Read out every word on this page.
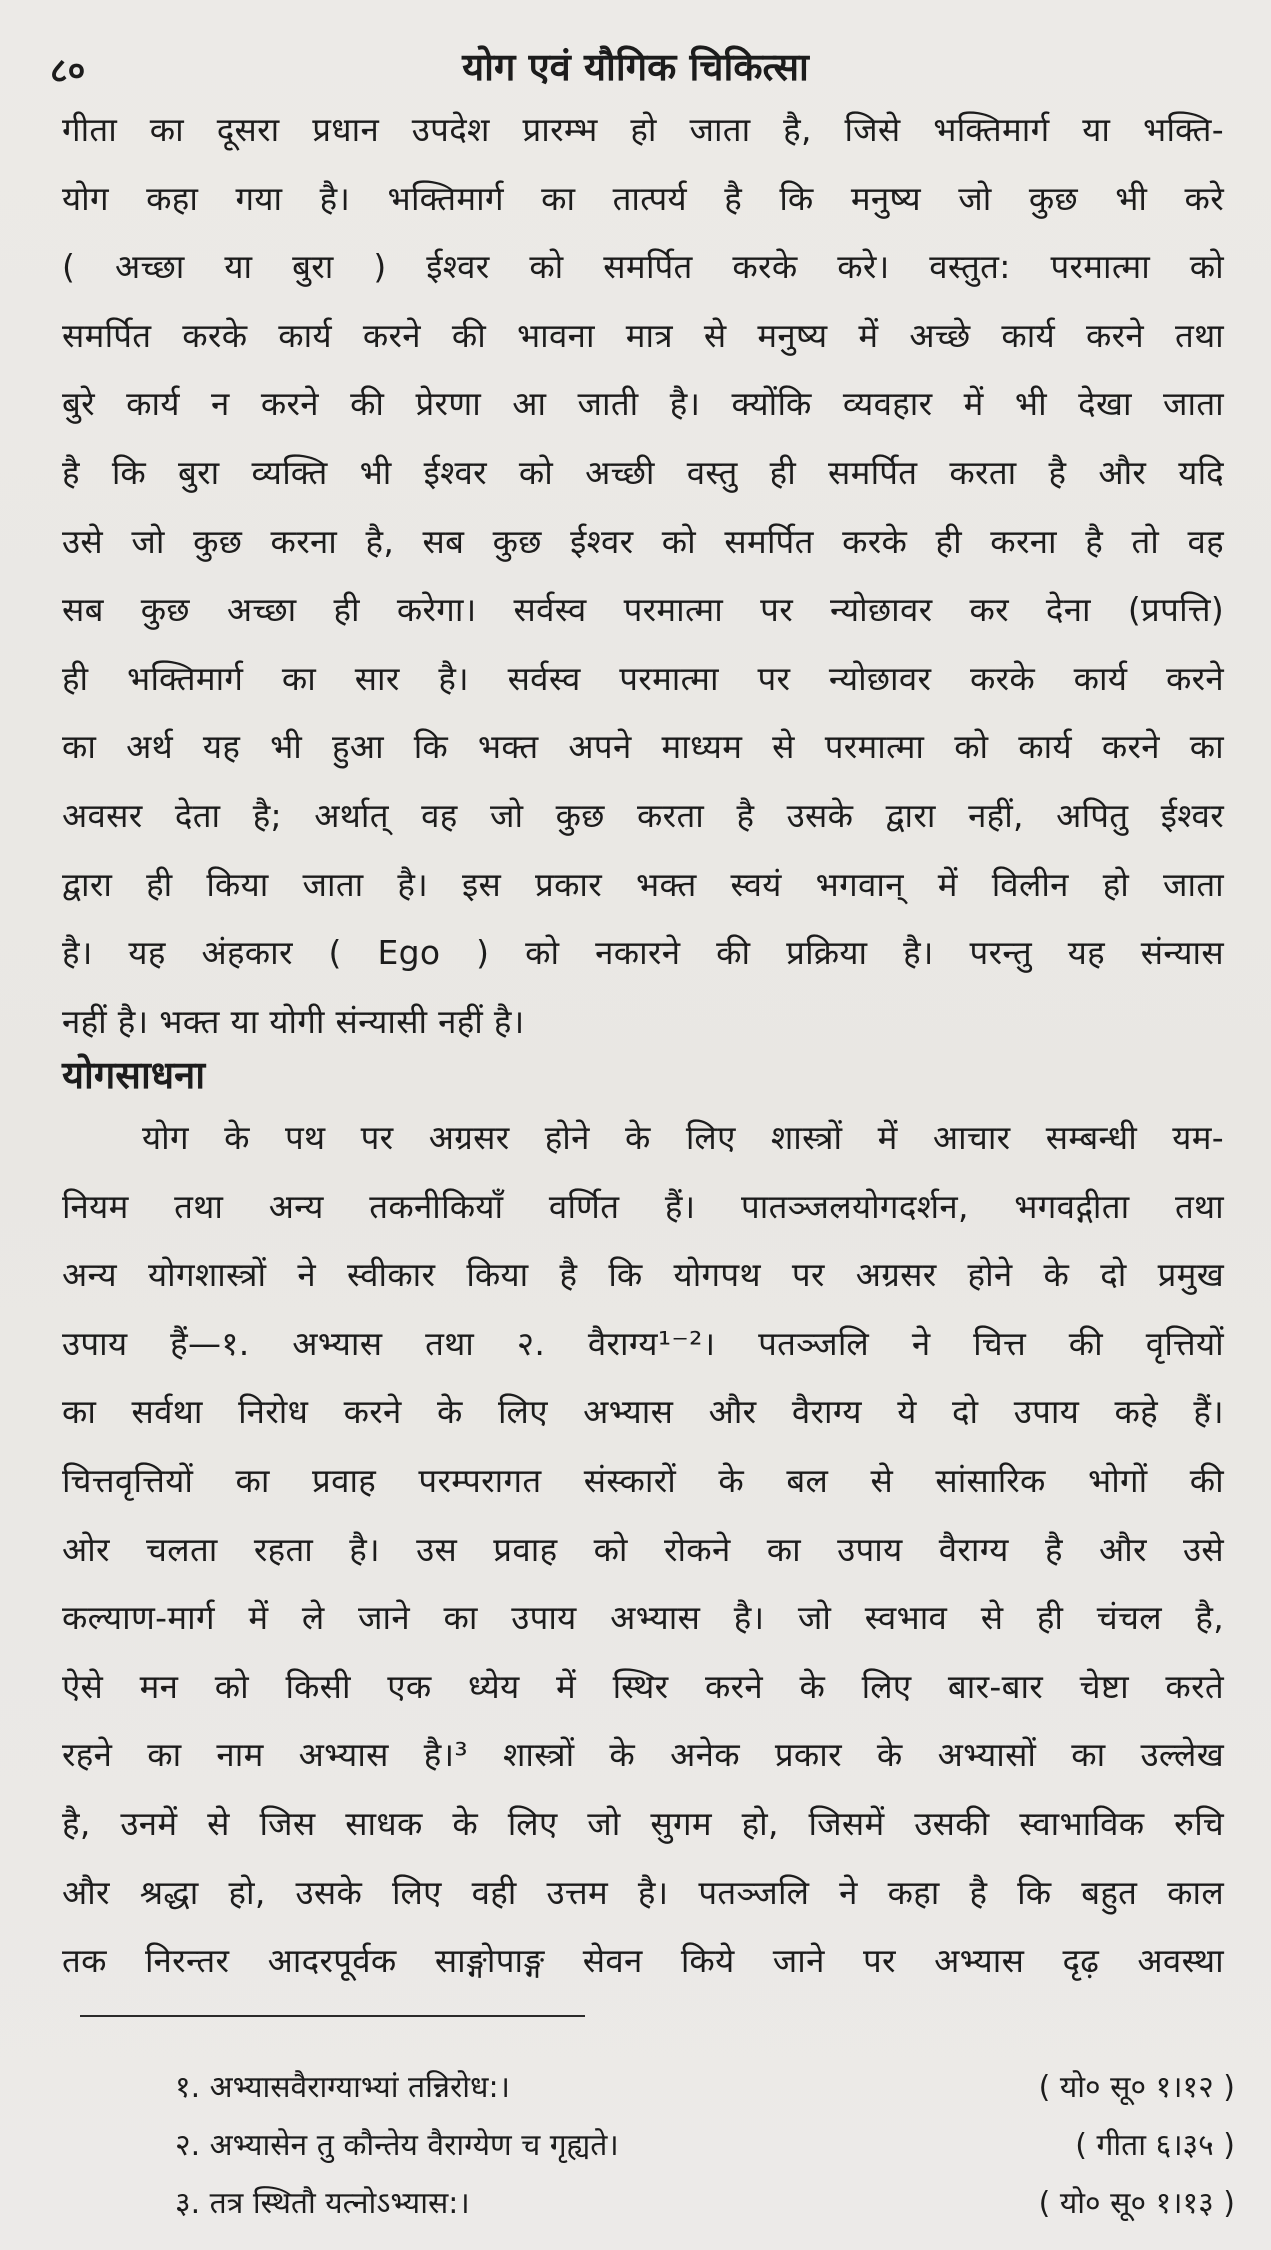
८०	योग एवं यौगिक चिकित्सा
गीता का दूसरा प्रधान उपदेश प्रारम्भ हो जाता है, जिसे भक्तिमार्ग या भक्ति-
योग कहा गया है। भक्तिमार्ग का तात्पर्य है कि मनुष्य जो कुछ भी करे
( अच्छा या बुरा ) ईश्वर को समर्पित करके करे। वस्तुत: परमात्मा को
समर्पित करके कार्य करने की भावना मात्र से मनुष्य में अच्छे कार्य करने तथा
बुरे कार्य न करने की प्रेरणा आ जाती है। क्योंकि व्यवहार में भी देखा जाता
है कि बुरा व्यक्ति भी ईश्वर को अच्छी वस्तु ही समर्पित करता है और यदि
उसे जो कुछ करना है, सब कुछ ईश्वर को समर्पित करके ही करना है तो वह
सब कुछ अच्छा ही करेगा। सर्वस्व परमात्मा पर न्योछावर कर देना (प्रपत्ति)
ही भक्तिमार्ग का सार है। सर्वस्व परमात्मा पर न्योछावर करके कार्य करने
का अर्थ यह भी हुआ कि भक्त अपने माध्यम से परमात्मा को कार्य करने का
अवसर देता है; अर्थात् वह जो कुछ करता है उसके द्वारा नहीं, अपितु ईश्वर
द्वारा ही किया जाता है। इस प्रकार भक्त स्वयं भगवान् में विलीन हो जाता
है। यह अंहकार ( Ego ) को नकारने की प्रक्रिया है। परन्तु यह संन्यास
नहीं है। भक्त या योगी संन्यासी नहीं है।
योगसाधना
योग के पथ पर अग्रसर होने के लिए शास्त्रों में आचार सम्बन्धी यम-
नियम तथा अन्य तकनीकियाँ वर्णित हैं। पातञ्जलयोगदर्शन, भगवद्गीता तथा
अन्य योगशास्त्रों ने स्वीकार किया है कि योगपथ पर अग्रसर होने के दो प्रमुख
उपाय हैं—१. अभ्यास तथा २. वैराग्य¹⁻²। पतञ्जलि ने चित्त की वृत्तियों
का सर्वथा निरोध करने के लिए अभ्यास और वैराग्य ये दो उपाय कहे हैं।
चित्तवृत्तियों का प्रवाह परम्परागत संस्कारों के बल से सांसारिक भोगों की
ओर चलता रहता है। उस प्रवाह को रोकने का उपाय वैराग्य है और उसे
कल्याण-मार्ग में ले जाने का उपाय अभ्यास है। जो स्वभाव से ही चंचल है,
ऐसे मन को किसी एक ध्येय में स्थिर करने के लिए बार-बार चेष्टा करते
रहने का नाम अभ्यास है।³ शास्त्रों के अनेक प्रकार के अभ्यासों का उल्लेख
है, उनमें से जिस साधक के लिए जो सुगम हो, जिसमें उसकी स्वाभाविक रुचि
और श्रद्धा हो, उसके लिए वही उत्तम है। पतञ्जलि ने कहा है कि बहुत काल
तक निरन्तर आदरपूर्वक साङ्गोपाङ्ग सेवन किये जाने पर अभ्यास दृढ़ अवस्था
१. अभ्यासवैराग्याभ्यां तन्निरोध:।	( यो० सू० १।१२ )
२. अभ्यासेन तु कौन्तेय वैराग्येण च गृह्यते।	( गीता ६।३५ )
३. तत्र स्थितौ यत्नोऽभ्यास:।	( यो० सू० १।१३ )
